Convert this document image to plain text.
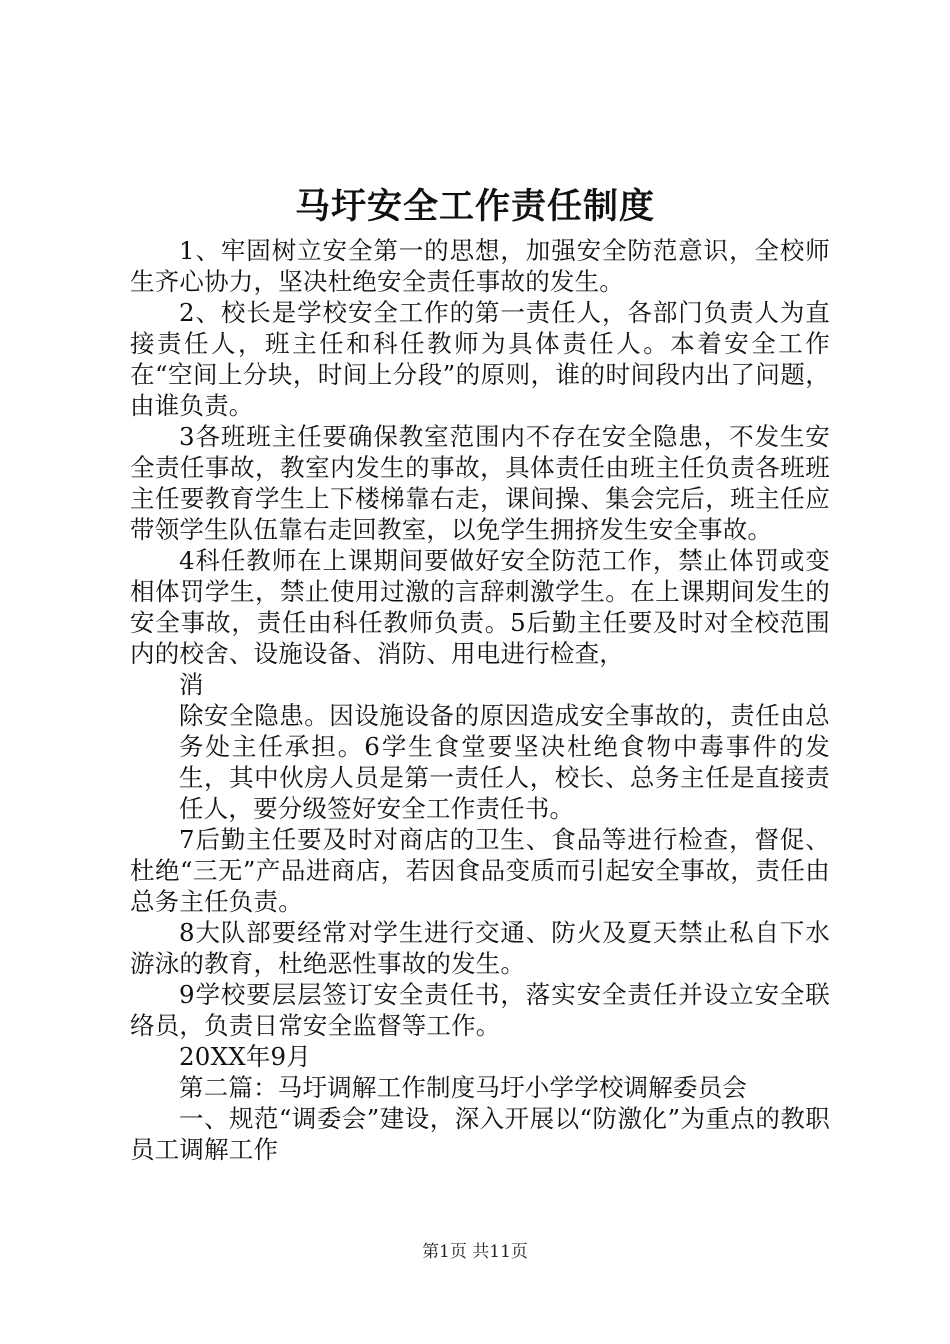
马圩安全工作责任制度

1、牢固树立安全第一的思想，加强安全防范意识，全校师生齐心协力，坚决杜绝安全责任事故的发生。

2、校长是学校安全工作的第一责任人，各部门负责人为直接责任人，班主任和科任教师为具体责任人。本着安全工作在“空间上分块，时间上分段”的原则，谁的时间段内出了问题，由谁负责。

3各班班主任要确保教室范围内不存在安全隐患，不发生安全责任事故，教室内发生的事故，具体责任由班主任负责各班班主任要教育学生上下楼梯靠右走，课间操、集会完后，班主任应带领学生队伍靠右走回教室，以免学生拥挤发生安全事故。

4科任教师在上课期间要做好安全防范工作，禁止体罚或变相体罚学生，禁止使用过激的言辞刺激学生。在上课期间发生的安全事故，责任由科任教师负责。5后勤主任要及时对全校范围内的校舍、设施设备、消防、用电进行检查，

消

除安全隐患。因设施设备的原因造成安全事故的，责任由总务处主任承担。6学生食堂要坚决杜绝食物中毒事件的发生，其中伙房人员是第一责任人，校长、总务主任是直接责任人，要分级签好安全工作责任书。

7后勤主任要及时对商店的卫生、食品等进行检查，督促、杜绝“三无”产品进商店，若因食品变质而引起安全事故，责任由总务主任负责。

8大队部要经常对学生进行交通、防火及夏天禁止私自下水游泳的教育，杜绝恶性事故的发生。

9学校要层层签订安全责任书，落实安全责任并设立安全联络员，负责日常安全监督等工作。

20XX年9月

第二篇：马圩调解工作制度马圩小学学校调解委员会

一、规范“调委会”建设，深入开展以“防激化”为重点的教职员工调解工作

第1页 共11页
